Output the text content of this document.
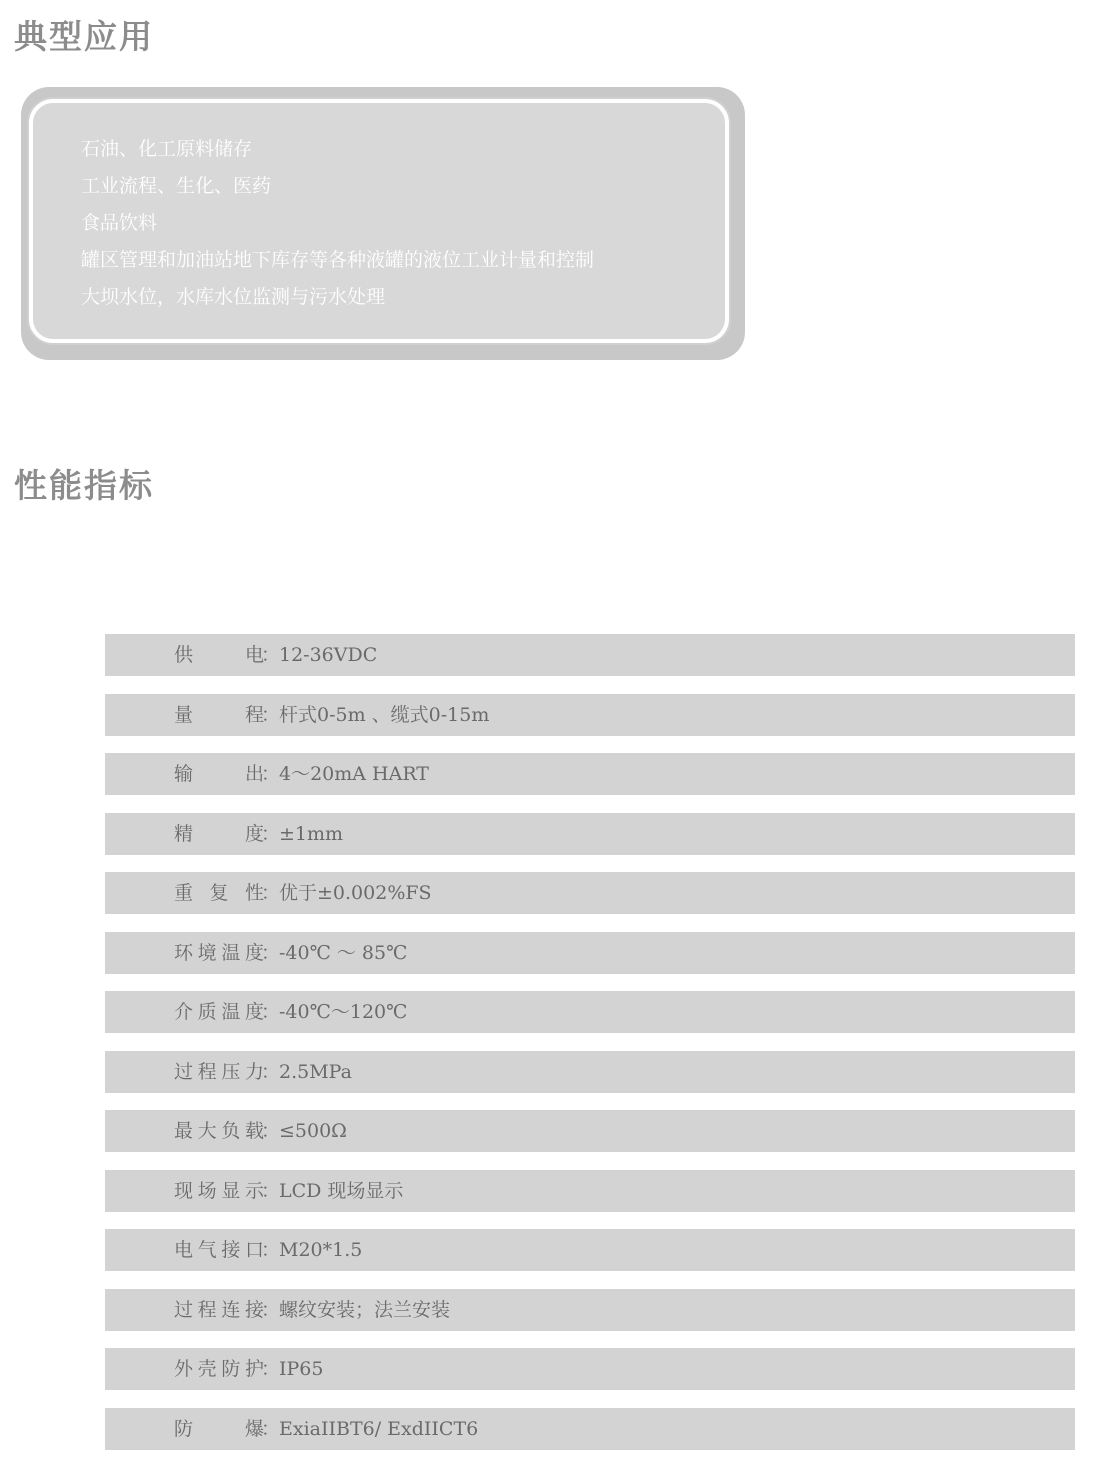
典型应用
石油、化工原料储存
工业流程、生化、医药
食品饮料
罐区管理和加油站地下库存等各种液罐的液位工业计量和控制
大坝水位，水库水位监测与污水处理
性能指标
供电
：
12-36VDC
量程
：
杆式0-5m 、缆式0-15m
输出
：
4～20mA HART
精度
：
±1mm
重复性
：
优于±0.002%FS
环境温度
：
-40℃ ～ 85℃
介质温度
：
-40℃～120℃
过程压力
：
2.5MPa
最大负载
：
≤500Ω
现场显示
：
LCD 现场显示
电气接口
：
M20*1.5
过程连接
：
螺纹安装；法兰安装
外壳防护
：
IP65
防爆
：
ExiaIIBT6/ ExdIICT6
